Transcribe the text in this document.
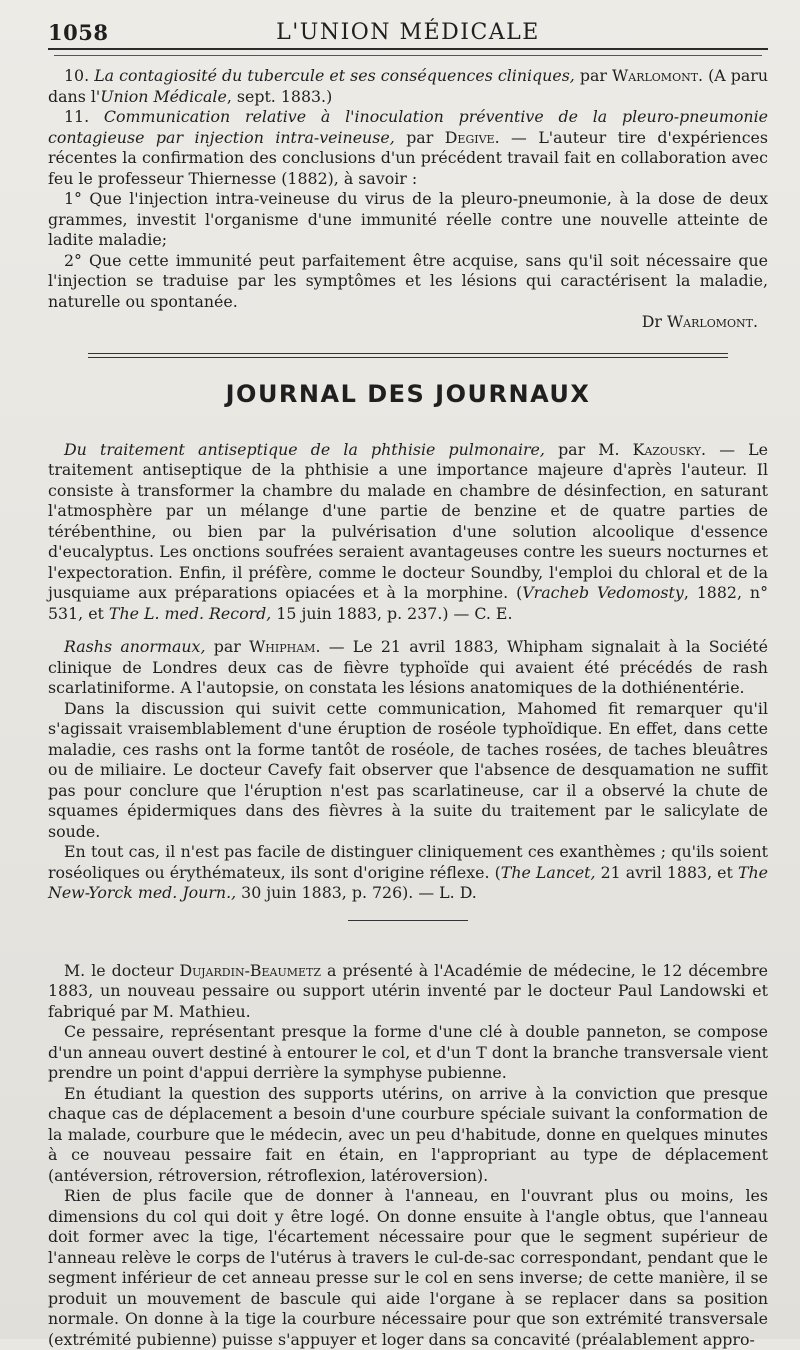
1058	L'UNION MÉDICALE

10. La contagiosité du tubercule et ses conséquences cliniques, par Warlomont. (A paru dans l'Union Médicale, sept. 1883.)

11. Communication relative à l'inoculation préventive de la pleuro-pneumonie contagieuse par injection intra-veineuse, par Degive. — L'auteur tire d'expériences récentes la confirmation des conclusions d'un précédent travail fait en collaboration avec feu le professeur Thiernesse (1882), à savoir :

1° Que l'injection intra-veineuse du virus de la pleuro-pneumonie, à la dose de deux grammes, investit l'organisme d'une immunité réelle contre une nouvelle atteinte de ladite maladie;

2° Que cette immunité peut parfaitement être acquise, sans qu'il soit nécessaire que l'injection se traduise par les symptômes et les lésions qui caractérisent la maladie, naturelle ou spontanée.

Dr Warlomont.

JOURNAL DES JOURNAUX

Du traitement antiseptique de la phthisie pulmonaire, par M. Kazousky. — Le traitement antiseptique de la phthisie a une importance majeure d'après l'auteur. Il consiste à transformer la chambre du malade en chambre de désinfection, en saturant l'atmosphère par un mélange d'une partie de benzine et de quatre parties de térébenthine, ou bien par la pulvérisation d'une solution alcoolique d'essence d'eucalyptus. Les onctions soufrées seraient avantageuses contre les sueurs nocturnes et l'expectoration. Enfin, il préfère, comme le docteur Soundby, l'emploi du chloral et de la jusquiame aux préparations opiacées et à la morphine. (Vracheb Vedomosty, 1882, n° 531, et The L. med. Record, 15 juin 1883, p. 237.) — C. E.

Rashs anormaux, par Whipham. — Le 21 avril 1883, Whipham signalait à la Société clinique de Londres deux cas de fièvre typhoïde qui avaient été précédés de rash scarlatiniforme. A l'autopsie, on constata les lésions anatomiques de la dothiénentérie.

Dans la discussion qui suivit cette communication, Mahomed fit remarquer qu'il s'agissait vraisemblablement d'une éruption de roséole typhoïdique. En effet, dans cette maladie, ces rashs ont la forme tantôt de roséole, de taches rosées, de taches bleuâtres ou de miliaire. Le docteur Cavefy fait observer que l'absence de desquamation ne suffit pas pour conclure que l'éruption n'est pas scarlatineuse, car il a observé la chute de squames épidermiques dans des fièvres à la suite du traitement par le salicylate de soude.

En tout cas, il n'est pas facile de distinguer cliniquement ces exanthèmes ; qu'ils soient roséoliques ou érythémateux, ils sont d'origine réflexe. (The Lancet, 21 avril 1883, et The New-Yorck med. Journ., 30 juin 1883, p. 726). — L. D.

M. le docteur Dujardin-Beaumetz a présenté à l'Académie de médecine, le 12 décembre 1883, un nouveau pessaire ou support utérin inventé par le docteur Paul Landowski et fabriqué par M. Mathieu.

Ce pessaire, représentant presque la forme d'une clé à double panneton, se compose d'un anneau ouvert destiné à entourer le col, et d'un T dont la branche transversale vient prendre un point d'appui derrière la symphyse pubienne.

En étudiant la question des supports utérins, on arrive à la conviction que presque chaque cas de déplacement a besoin d'une courbure spéciale suivant la conformation de la malade, courbure que le médecin, avec un peu d'habitude, donne en quelques minutes à ce nouveau pessaire fait en étain, en l'appropriant au type de déplacement (antéversion, rétroversion, rétroflexion, latéroversion).

Rien de plus facile que de donner à l'anneau, en l'ouvrant plus ou moins, les dimensions du col qui doit y être logé. On donne ensuite à l'angle obtus, que l'anneau doit former avec la tige, l'écartement nécessaire pour que le segment supérieur de l'anneau relève le corps de l'utérus à travers le cul-de-sac correspondant, pendant que le segment inférieur de cet anneau presse sur le col en sens inverse; de cette manière, il se produit un mouvement de bascule qui aide l'organe à se replacer dans sa position normale. On donne à la tige la courbure nécessaire pour que son extrémité transversale (extrémité pubienne) puisse s'appuyer et loger dans sa concavité (préalablement appro-
